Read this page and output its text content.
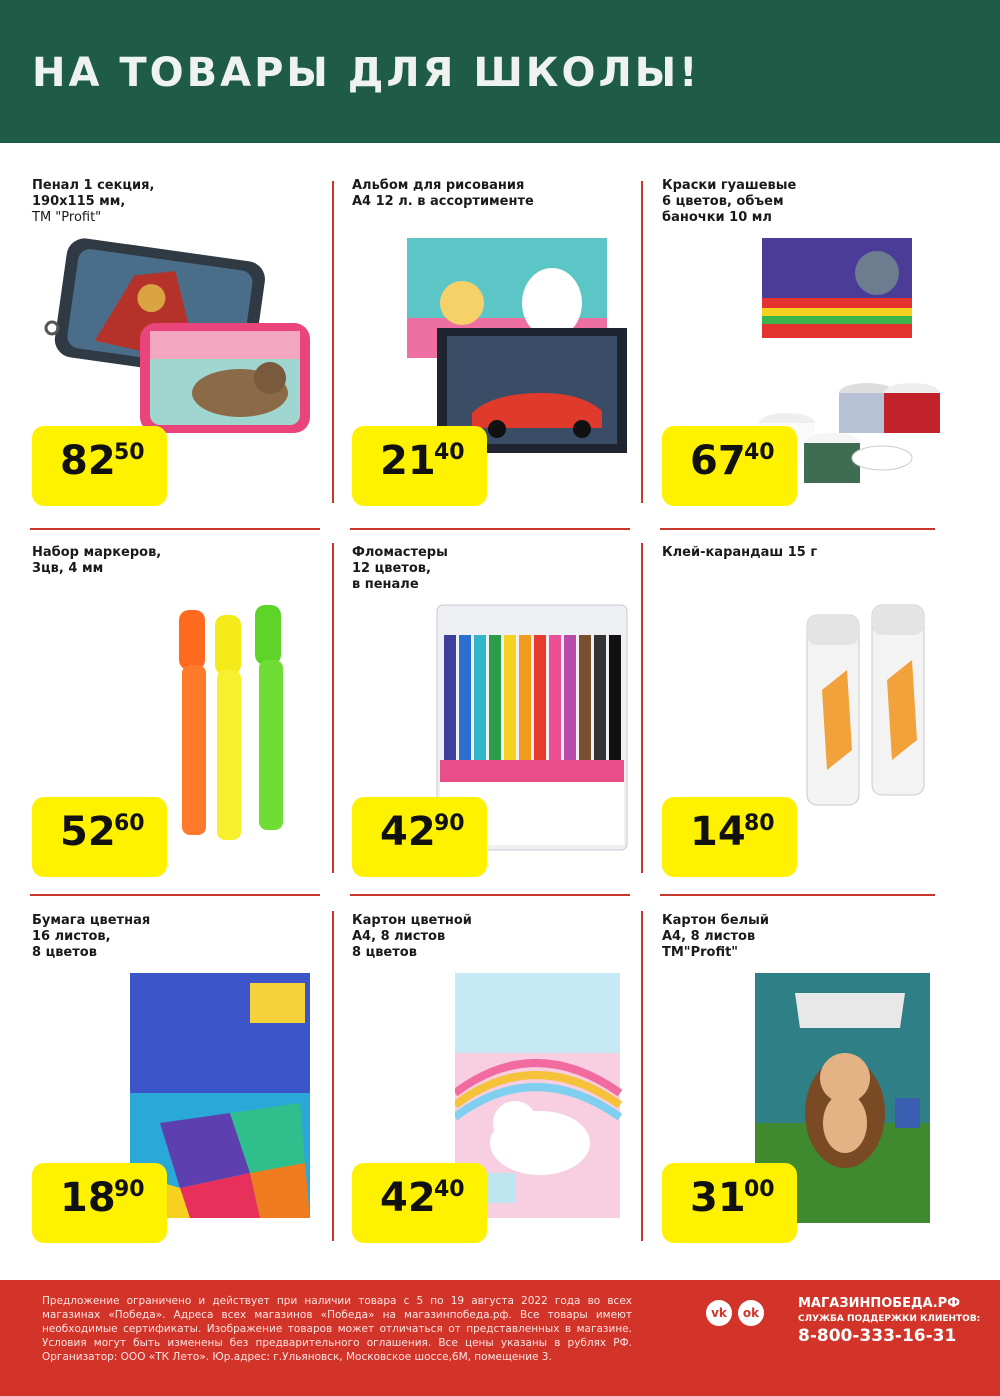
НА ТОВАРЫ ДЛЯ ШКОЛЫ!
Пенал 1 секция,
190х115 мм,
ТМ "Profit"
82
50
Альбом для рисования
А4 12 л. в ассортименте

21
40
Краски гуашевые
6 цветов, объем
баночки 10 мл

67
40
Набор маркеров,
3цв, 4 мм

52
60
Фломастеры
12 цветов,
в пенале

42
90
Клей-карандаш 15 г

14
80
Бумага цветная
16 листов,
8 цветов

18
90
Картон цветной
А4, 8 листов
8 цветов

42
40
Картон белый
А4, 8 листов
ТМ"Profit"

31
00
Предложение ограничено и действует при наличии товара с 5 по 19 августа 2022 года во всех магазинах «Победа». Адреса всех магазинов «Победа» на магазинпобеда.рф. Все товары имеют необходимые сертификаты. Изображение товаров может отличаться от представленных в магазине. Условия могут быть изменены без предварительного оглашения. Все цены указаны в рублях РФ. Организатор: ООО «ТК Лето». Юр.адрес: г.Ульяновск, Московское шоссе,6М, помещение 3.
vk	ok
МАГАЗИНПОБЕДА.РФ
СЛУЖБА ПОДДЕРЖКИ КЛИЕНТОВ:
8-800-333-16-31
